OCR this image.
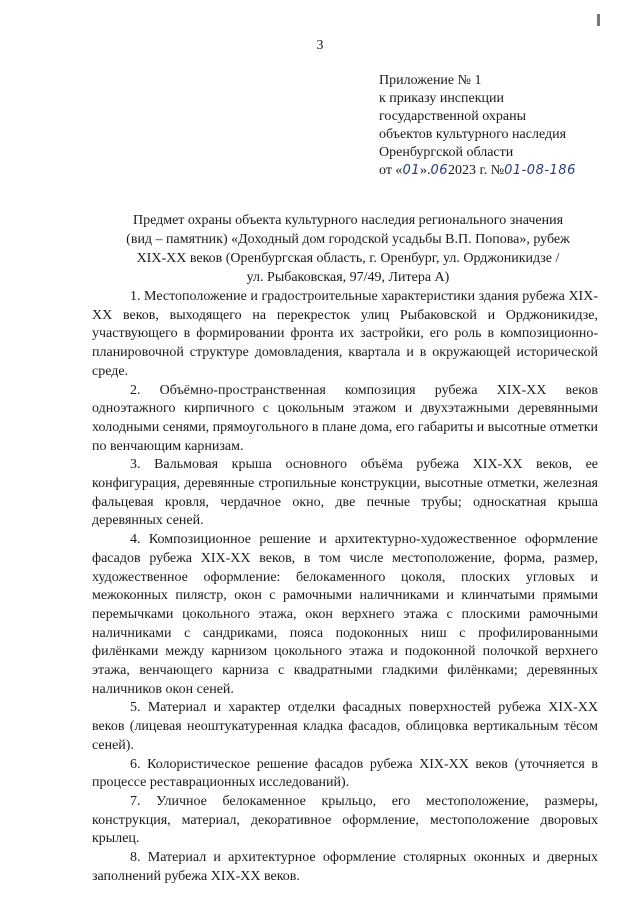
3
Приложение № 1
к приказу инспекции
государственной охраны
объектов культурного наследия
Оренбургской области
от «01».062023 г. №01-08-186
Предмет охраны объекта культурного наследия регионального значения
(вид – памятник) «Доходный дом городской усадьбы В.П. Попова», рубеж
XIX-XX веков (Оренбургская область, г. Оренбург, ул. Орджоникидзе /
ул. Рыбаковская, 97/49, Литера А)

1. Местоположение и градостроительные характеристики здания рубежа XIX-XX веков, выходящего на перекресток улиц Рыбаковской и Орджоникидзе, участвующего в формировании фронта их застройки, его роль в композиционно-планировочной структуре домовладения, квартала и в окружающей исторической среде.

2. Объёмно-пространственная композиция рубежа XIX-XX веков одноэтажного кирпичного с цокольным этажом и двухэтажными деревянными холодными сенями, прямоугольного в плане дома, его габариты и высотные отметки по венчающим карнизам.

3. Вальмовая крыша основного объёма рубежа XIX-XX веков, ее конфигурация, деревянные стропильные конструкции, высотные отметки, железная фальцевая кровля, чердачное окно, две печные трубы; односкатная крыша деревянных сеней.

4. Композиционное решение и архитектурно-художественное оформление фасадов рубежа XIX-XX веков, в том числе местоположение, форма, размер, художественное оформление: белокаменного цоколя, плоских угловых и межоконных пилястр, окон с рамочными наличниками и клинчатыми прямыми перемычками цокольного этажа, окон верхнего этажа с плоскими рамочными наличниками с сандриками, пояса подоконных ниш с профилированными филёнками между карнизом цокольного этажа и подоконной полочкой верхнего этажа, венчающего карниза с квадратными гладкими филёнками; деревянных наличников окон сеней.

5. Материал и характер отделки фасадных поверхностей рубежа XIX-XX веков (лицевая неоштукатуренная кладка фасадов, облицовка вертикальным тёсом сеней).

6. Колористическое решение фасадов рубежа XIX-XX веков (уточняется в процессе реставрационных исследований).

7. Уличное белокаменное крыльцо, его местоположение, размеры, конструкция, материал, декоративное оформление, местоположение дворовых крылец.

8. Материал и архитектурное оформление столярных оконных и дверных заполнений рубежа XIX-XX веков.
